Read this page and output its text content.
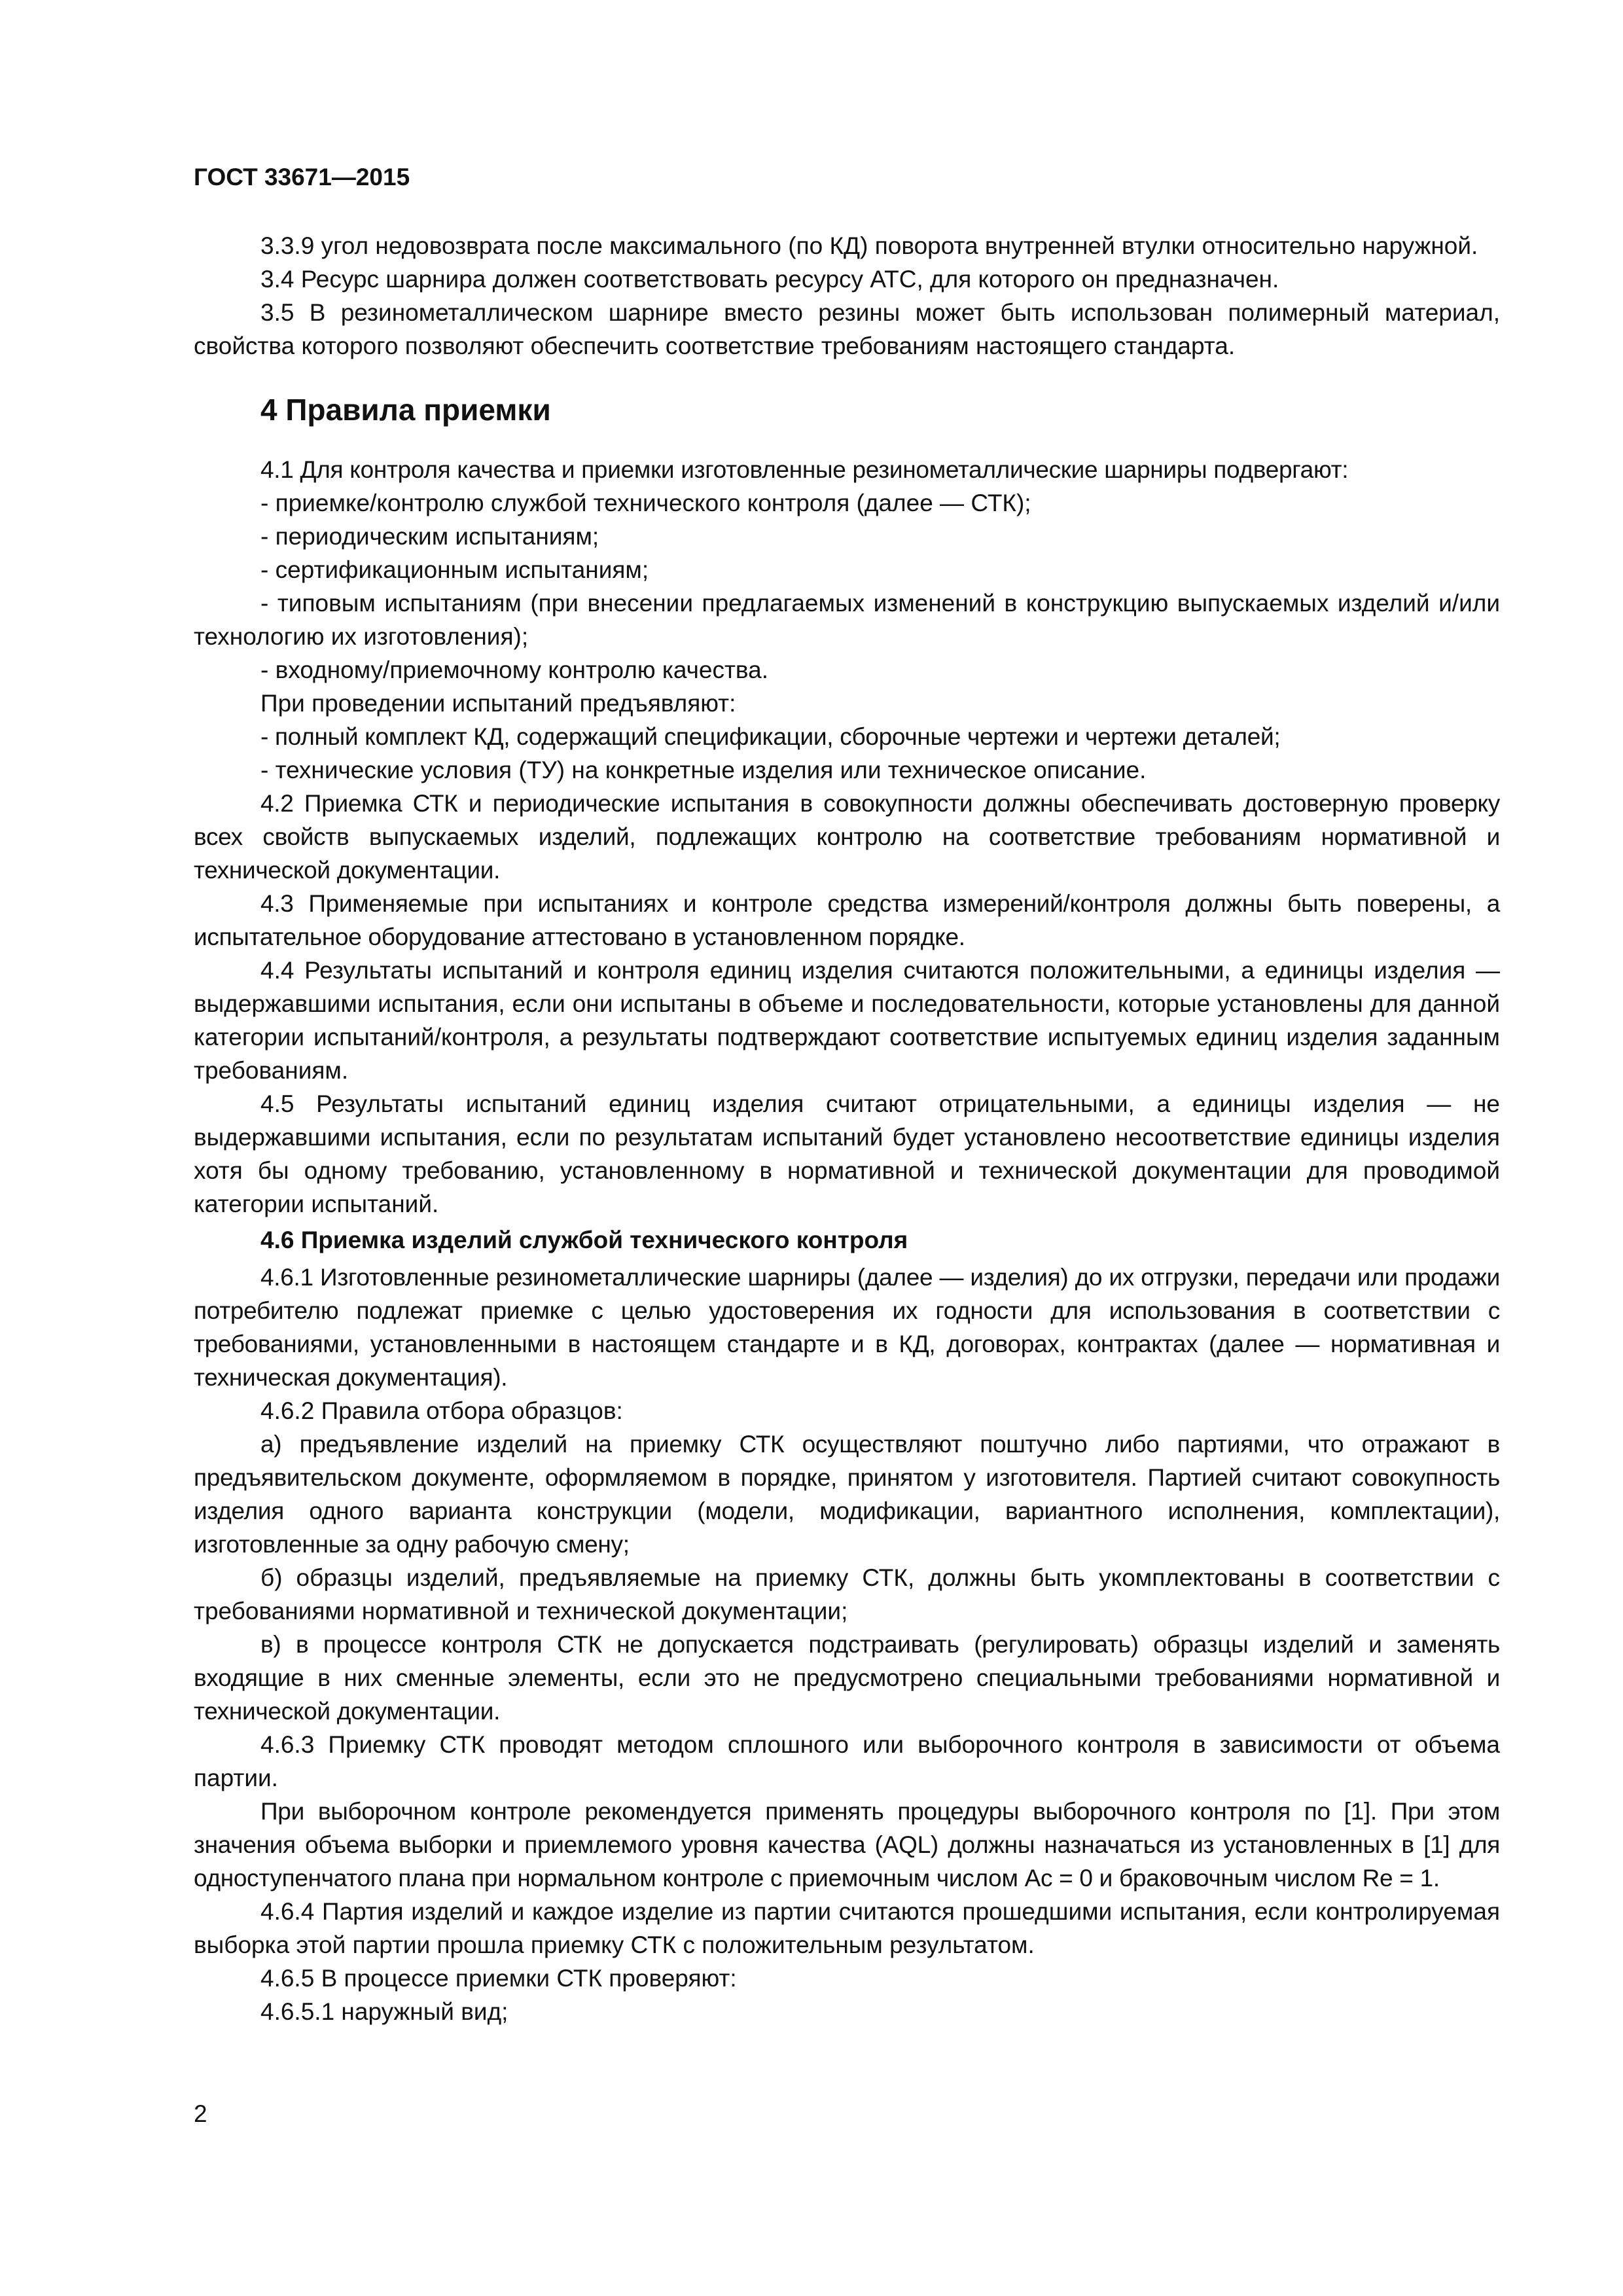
ГОСТ 33671—2015

3.3.9 угол недовозврата после максимального (по КД) поворота внутренней втулки относительно наружной.

3.4 Ресурс шарнира должен соответствовать ресурсу АТС, для которого он предназначен.

3.5 В резинометаллическом шарнире вместо резины может быть использован полимерный материал, свойства которого позволяют обеспечить соответствие требованиям настоящего стандарта.

4 Правила приемки

4.1 Для контроля качества и приемки изготовленные резинометаллические шарниры подвергают:

- приемке/контролю службой технического контроля (далее — СТК);

- периодическим испытаниям;

- сертификационным испытаниям;

- типовым испытаниям (при внесении предлагаемых изменений в конструкцию выпускаемых изделий и/или технологию их изготовления);

- входному/приемочному контролю качества.

При проведении испытаний предъявляют:

- полный комплект КД, содержащий спецификации, сборочные чертежи и чертежи деталей;

- технические условия (ТУ) на конкретные изделия или техническое описание.

4.2 Приемка СТК и периодические испытания в совокупности должны обеспечивать достоверную проверку всех свойств выпускаемых изделий, подлежащих контролю на соответствие требованиям нормативной и технической документации.

4.3 Применяемые при испытаниях и контроле средства измерений/контроля должны быть поверены, а испытательное оборудование аттестовано в установленном порядке.

4.4 Результаты испытаний и контроля единиц изделия считаются положительными, а единицы изделия — выдержавшими испытания, если они испытаны в объеме и последовательности, которые установлены для данной категории испытаний/контроля, а результаты подтверждают соответствие испытуемых единиц изделия заданным требованиям.

4.5 Результаты испытаний единиц изделия считают отрицательными, а единицы изделия — не выдержавшими испытания, если по результатам испытаний будет установлено несоответствие единицы изделия хотя бы одному требованию, установленному в нормативной и технической документации для проводимой категории испытаний.

4.6 Приемка изделий службой технического контроля

4.6.1 Изготовленные резинометаллические шарниры (далее — изделия) до их отгрузки, передачи или продажи потребителю подлежат приемке с целью удостоверения их годности для использования в соответствии с требованиями, установленными в настоящем стандарте и в КД, договорах, контрактах (далее — нормативная и техническая документация).

4.6.2 Правила отбора образцов:

а) предъявление изделий на приемку СТК осуществляют поштучно либо партиями, что отражают в предъявительском документе, оформляемом в порядке, принятом у изготовителя. Партией считают совокупность изделия одного варианта конструкции (модели, модификации, вариантного исполнения, комплектации), изготовленные за одну рабочую смену;

б) образцы изделий, предъявляемые на приемку СТК, должны быть укомплектованы в соответствии с требованиями нормативной и технической документации;

в) в процессе контроля СТК не допускается подстраивать (регулировать) образцы изделий и заменять входящие в них сменные элементы, если это не предусмотрено специальными требованиями нормативной и технической документации.

4.6.3 Приемку СТК проводят методом сплошного или выборочного контроля в зависимости от объема партии.

При выборочном контроле рекомендуется применять процедуры выборочного контроля по [1]. При этом значения объема выборки и приемлемого уровня качества (AQL) должны назначаться из установленных в [1] для одноступенчатого плана при нормальном контроле с приемочным числом Ac = 0 и браковочным числом Re = 1.

4.6.4 Партия изделий и каждое изделие из партии считаются прошедшими испытания, если контролируемая выборка этой партии прошла приемку СТК с положительным результатом.

4.6.5 В процессе приемки СТК проверяют:

4.6.5.1 наружный вид;

2
